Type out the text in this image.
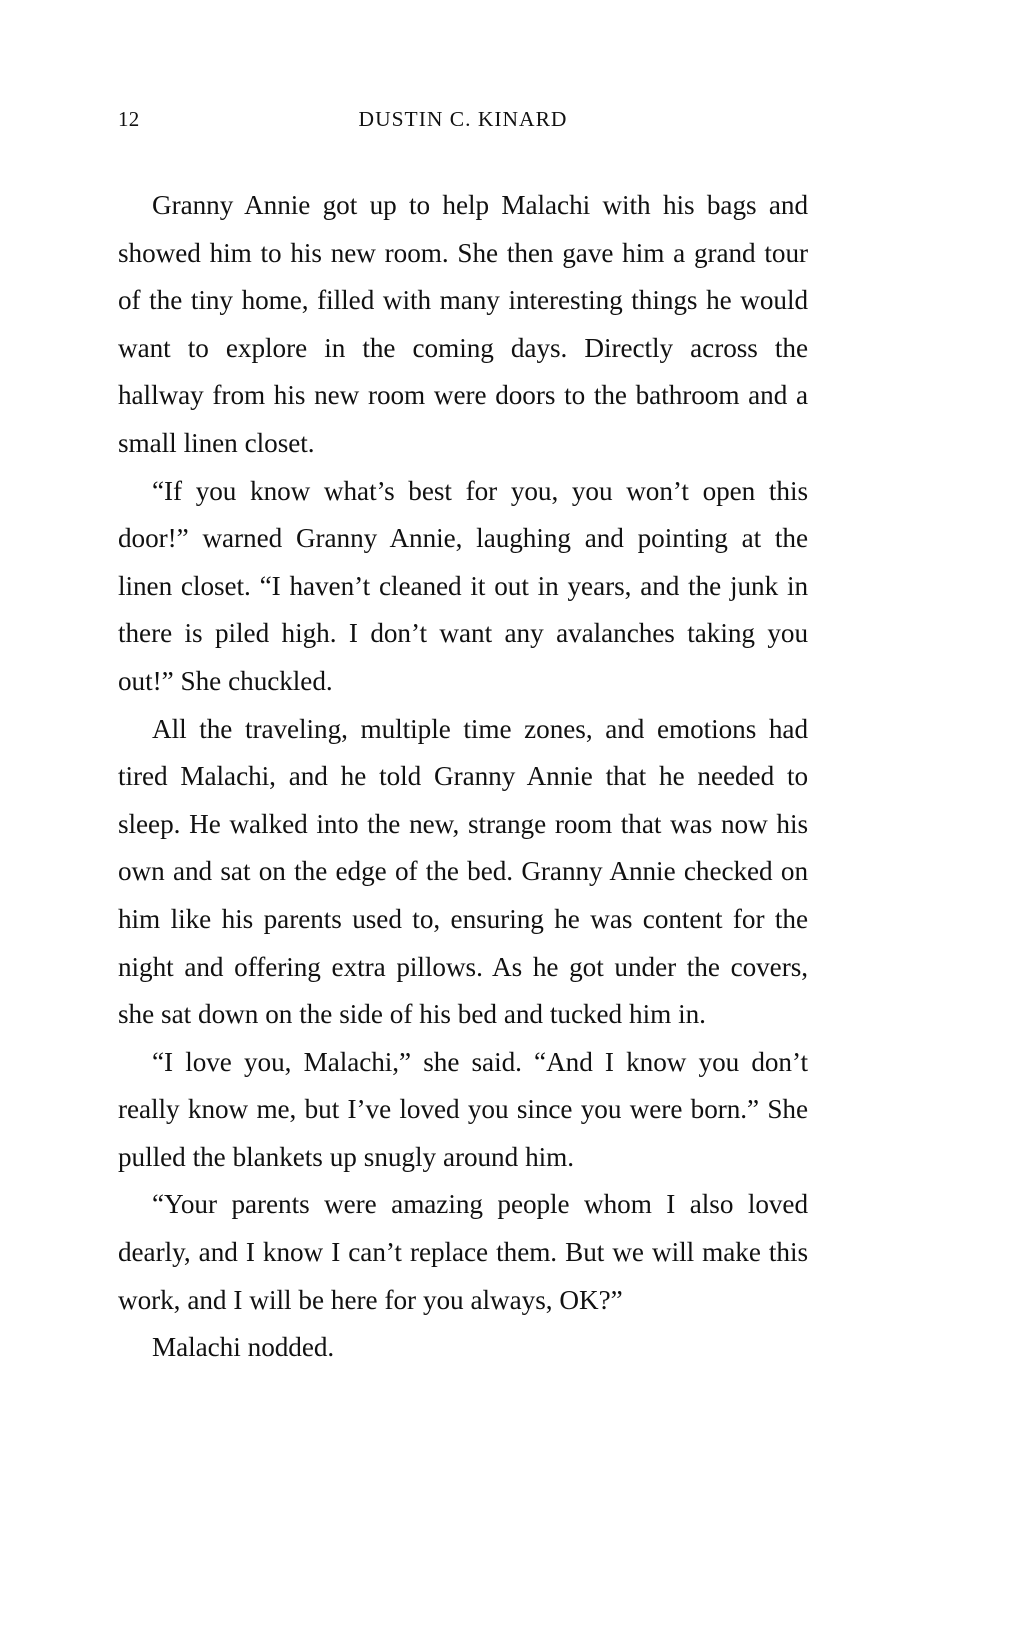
12	DUSTIN C. KINARD

Granny Annie got up to help Malachi with his bags and showed him to his new room. She then gave him a grand tour of the tiny home, filled with many interesting things he would want to explore in the coming days. Directly across the hallway from his new room were doors to the bathroom and a small linen closet.

“If you know what’s best for you, you won’t open this door!” warned Granny Annie, laughing and pointing at the linen closet. “I haven’t cleaned it out in years, and the junk in there is piled high. I don’t want any avalanches taking you out!” She chuckled.

All the traveling, multiple time zones, and emotions had tired Malachi, and he told Granny Annie that he needed to sleep. He walked into the new, strange room that was now his own and sat on the edge of the bed. Granny Annie checked on him like his parents used to, ensuring he was content for the night and offering extra pillows. As he got under the covers, she sat down on the side of his bed and tucked him in.

“I love you, Malachi,” she said. “And I know you don’t really know me, but I’ve loved you since you were born.” She pulled the blankets up snugly around him.

“Your parents were amazing people whom I also loved dearly, and I know I can’t replace them. But we will make this work, and I will be here for you always, OK?”

Malachi nodded.
